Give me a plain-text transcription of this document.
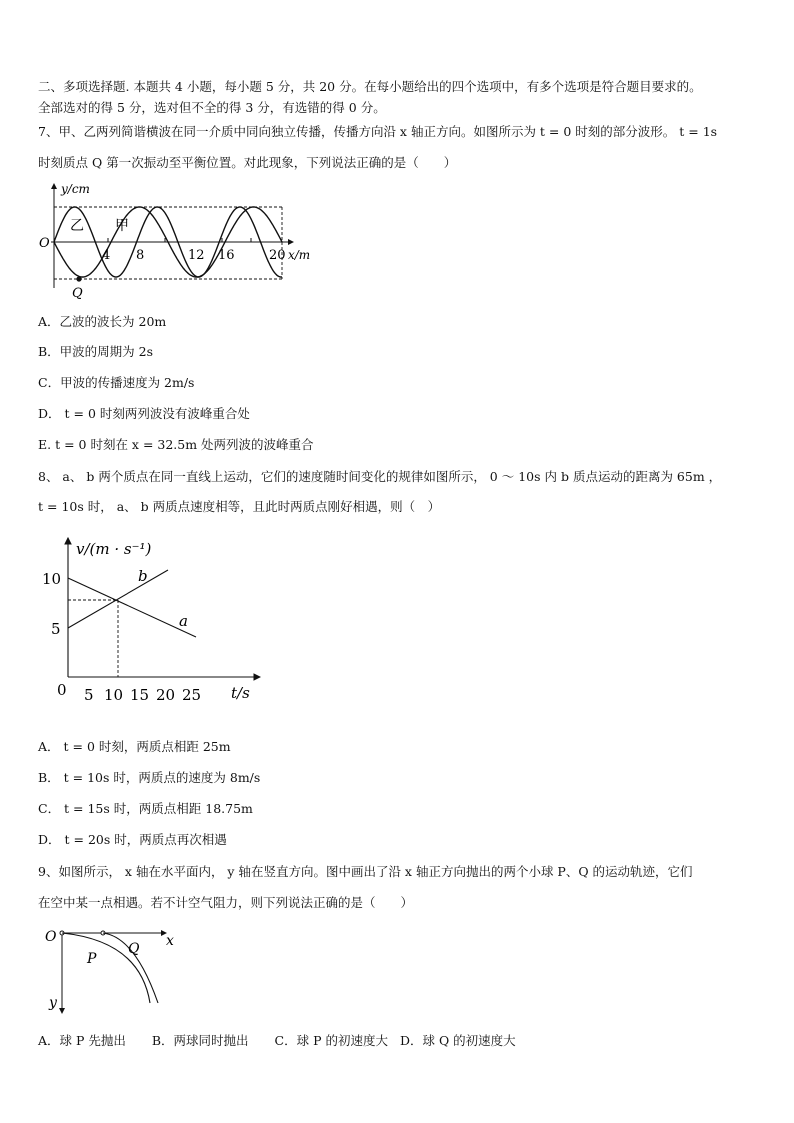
二、多项选择题. 本题共 4 小题，每小题 5 分，共 20 分。在每小题给出的四个选项中，有多个选项是符合题目要求的。
全部选对的得 5 分，选对但不全的得 3 分，有选错的得 0 分。
7、甲、乙两列简谐横波在同一介质中同向独立传播，传播方向沿 x 轴正方向。如图所示为 t = 0 时刻的部分波形。 t = 1s
时刻质点 Q 第一次振动至平衡位置。对此现象，下列说法正确的是（　　）
y/cm
x/m
O
4 8	12 16	20
乙 甲
Q
A．乙波的波长为 20m
B．甲波的周期为 2s
C．甲波的传播速度为 2m/s
D． t = 0 时刻两列波没有波峰重合处
E. t = 0 时刻在 x = 32.5m 处两列波的波峰重合
8、 a、 b 两个质点在同一直线上运动，它们的速度随时间变化的规律如图所示， 0 ～ 10s 内 b 质点运动的距离为 65m ，
t = 10s 时， a、 b 两质点速度相等，且此时两质点刚好相遇，则（　）
v/(m · s⁻¹)
t/s
0
10
5
5 10 15 20 25
a
b
A． t = 0 时刻，两质点相距 25m
B． t = 10s 时，两质点的速度为 8m/s
C． t = 15s 时，两质点相距 18.75m
D． t = 20s 时，两质点再次相遇
9、如图所示， x 轴在水平面内， y 轴在竖直方向。图中画出了沿 x 轴正方向抛出的两个小球 P、Q 的运动轨迹，它们
在空中某一点相遇。若不计空气阻力，则下列说法正确的是（　　）
O	x
y
P
Q
A．球 P 先抛出 B．两球同时抛出 C．球 P 的初速度大 D．球 Q 的初速度大
